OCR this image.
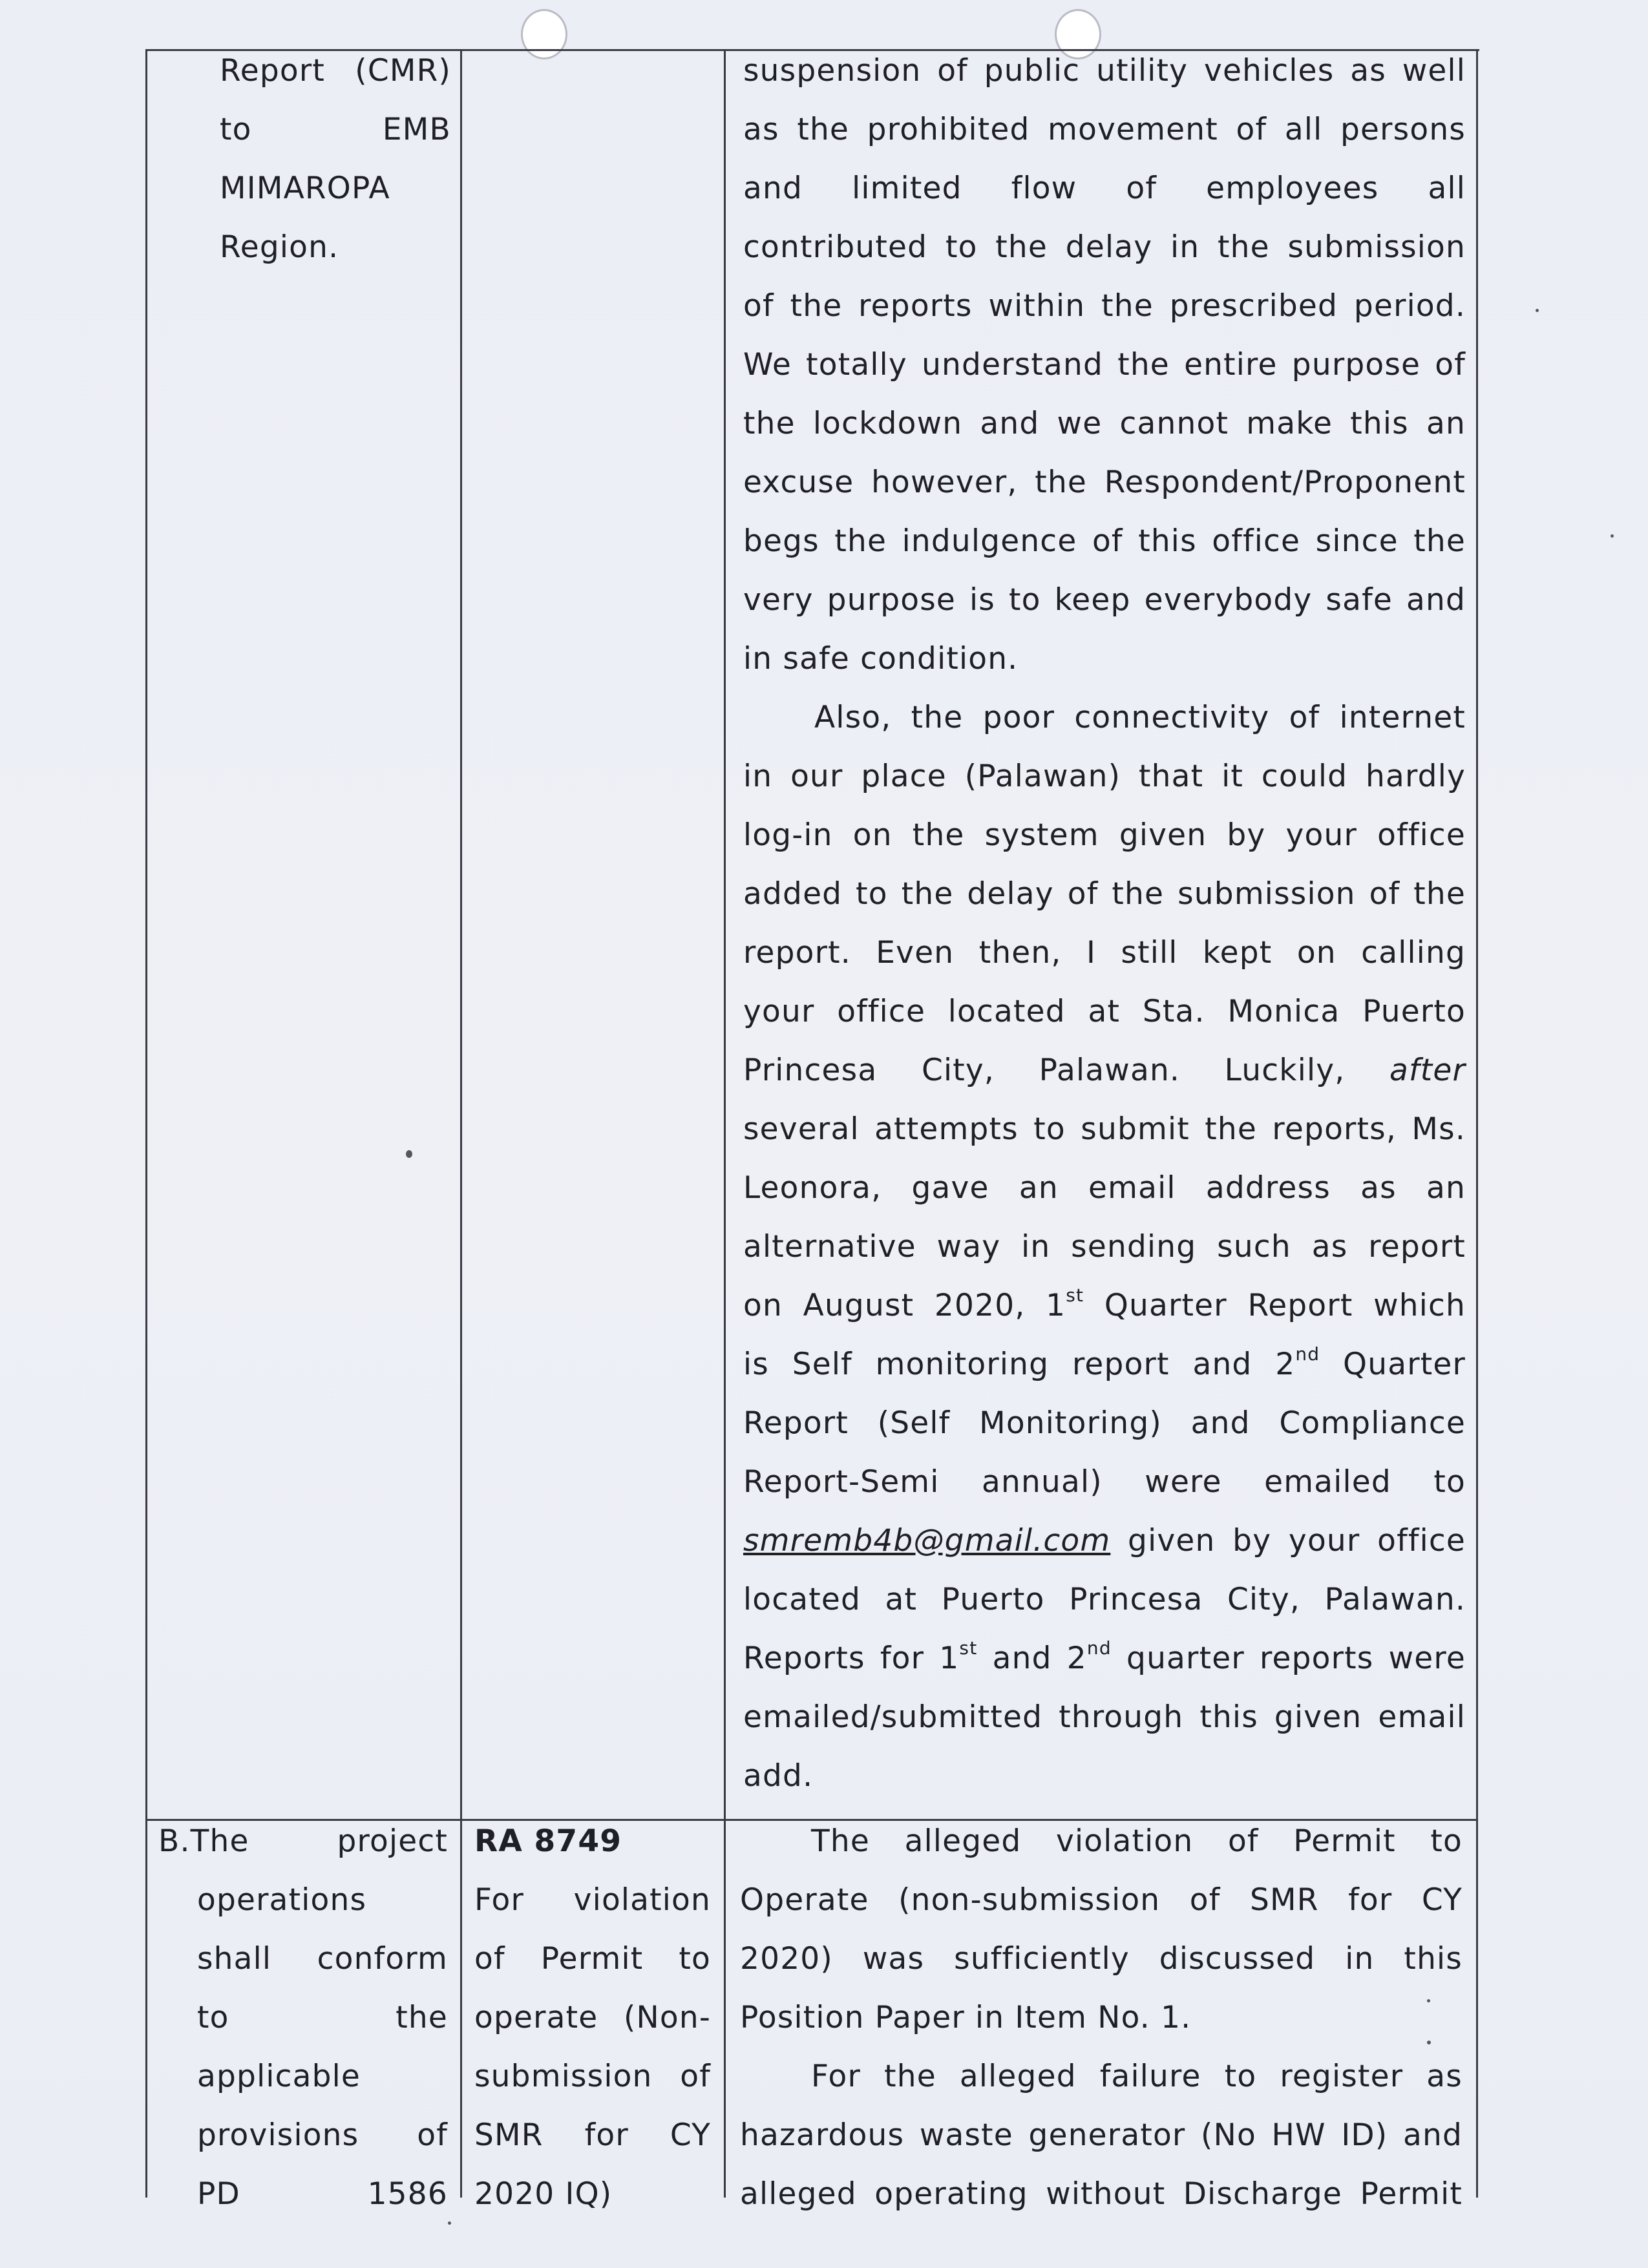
Report (CMR)

to EMB

MIMAROPA

Region.

suspension of public utility vehicles as well

as the prohibited movement of all persons

and limited flow of employees all

contributed to the delay in the submission

of the reports within the prescribed period.

We totally understand the entire purpose of

the lockdown and we cannot make this an

excuse however, the Respondent/Proponent

begs the indulgence of this office since the

very purpose is to keep everybody safe and

in safe condition.

Also, the poor connectivity of internet

in our place (Palawan) that it could hardly

log-in on the system given by your office

added to the delay of the submission of the

report. Even then, I still kept on calling

your office located at Sta. Monica Puerto

Princesa City, Palawan. Luckily, after

several attempts to submit the reports, Ms.

Leonora, gave an email address as an

alternative way in sending such as report

on August 2020, 1st Quarter Report which

is Self monitoring report and 2nd Quarter

Report (Self Monitoring) and Compliance

Report-Semi annual) were emailed to

smremb4b@gmail.com given by your office

located at Puerto Princesa City, Palawan.

Reports for 1st and 2nd quarter reports were

emailed/submitted through this given email

add.

B.The project

operations

shall conform

to the

applicable

provisions of

PD 1586

RA 8749

For violation

of Permit to

operate (Non-

submission of

SMR for CY

2020 IQ)

The alleged violation of Permit to

Operate (non-submission of SMR for CY

2020) was sufficiently discussed in this

Position Paper in Item No. 1.

For the alleged failure to register as

hazardous waste generator (No HW ID) and

alleged operating without Discharge Permit
